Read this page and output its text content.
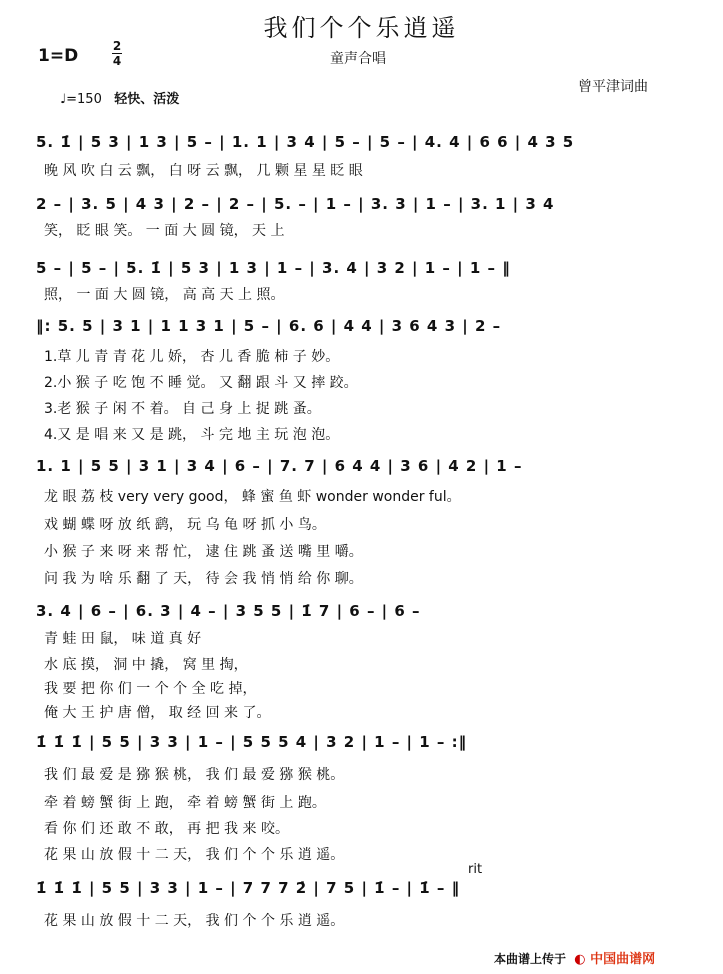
我们个个乐逍遥
1=D	2
4	童声合唱
曾平津词曲
♩=150 轻快、活泼
5. 1̇ | 5 3 | 1 3 | 5 – | 1. 1 | 3 4 | 5 – | 5 – | 4. 4 | 6 6 | 4 3 5
晚 风 吹 白 云 飘， 白 呀 云 飘， 几 颗 星 星 眨 眼
2 – | 3. 5 | 4 3 | 2 – | 2 – | 5. – | 1 – | 3. 3 | 1 – | 3. 1 | 3 4
笑， 眨 眼 笑。 一 面 大 圆 镜， 天 上
5 – | 5 – | 5. 1̇ | 5 3 | 1 3 | 1 – | 3. 4 | 3 2 | 1 – | 1 – ‖
照， 一 面 大 圆 镜， 高 高 天 上 照。
‖: 5. 5 | 3 1 | 1 1 3 1 | 5 – | 6. 6 | 4 4 | 3 6 4 3 | 2 –
1.草 儿 青 青 花 儿 娇， 杏 儿 香 脆 柿 子 妙。
2.小 猴 子 吃 饱 不 睡 觉。 又 翻 跟 斗 又 摔 跤。
3.老 猴 子 闲 不 着。 自 己 身 上 捉 跳 蚤。
4.又 是 唱 来 又 是 跳， 斗 完 地 主 玩 泡 泡。
1. 1 | 5 5 | 3 1 | 3 4 | 6 – | 7. 7 | 6 4 4 | 3 6 | 4 2 | 1 –
龙 眼 荔 枝 very very good， 蜂 蜜 鱼 虾 wonder wonder ful。
戏 蝴 蝶 呀 放 纸 鹞， 玩 乌 龟 呀 抓 小 鸟。
小 猴 子 来 呀 来 帮 忙， 逮 住 跳 蚤 送 嘴 里 嚼。
问 我 为 啥 乐 翻 了 天， 待 会 我 悄 悄 给 你 聊。
3. 4 | 6 – | 6. 3 | 4 – | 3 5 5 | 1̇ 7 | 6 – | 6 –
青 蛙 田 鼠， 味 道 真 好
水 底 摸， 洞 中 撬， 窝 里 掏，
我 要 把 你 们 一 个 个 全 吃 掉，
俺 大 王 护 唐 僧， 取 经 回 来 了。
1̇ 1̇ 1̇ | 5 5 | 3 3 | 1 – | 5 5 5 4 | 3 2 | 1 – | 1 – :‖
我 们 最 爱 是 猕 猴 桃， 我 们 最 爱 猕 猴 桃。
牵 着 螃 蟹 街 上 跑， 牵 着 螃 蟹 街 上 跑。
看 你 们 还 敢 不 敢， 再 把 我 来 咬。
花 果 山 放 假 十 二 天， 我 们 个 个 乐 逍 遥。
rit
1̇ 1̇ 1̇ | 5 5 | 3 3 | 1 – | 7 7 7 2̇ | 7 5 | 1̇ – | 1̇ – ‖
花 果 山 放 假 十 二 天， 我 们 个 个 乐 逍 遥。
本曲谱上传于 ◐ 中国曲谱网
